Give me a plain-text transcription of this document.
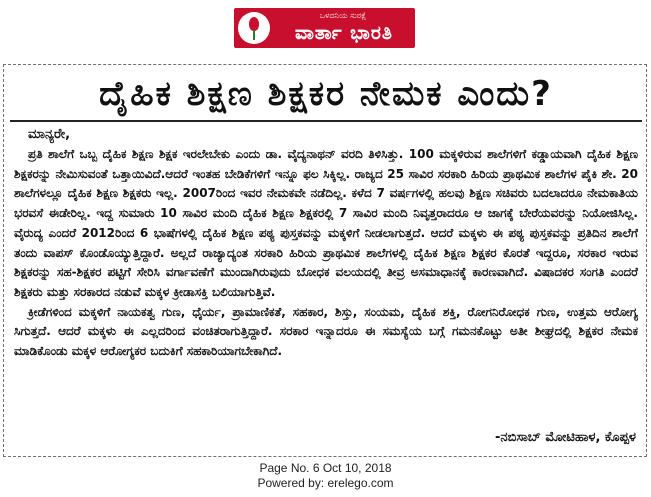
ಒಳದನಿಯ ಸುರಕ್ಷೆ
ವಾರ್ತಾ ಭಾರತಿ
ದೈಹಿಕ ಶಿಕ್ಷಣ ಶಿಕ್ಷಕರ ನೇಮಕ ಎಂದು?
ಮಾನ್ಯರೇ,

ಪ್ರತಿ ಶಾಲೆಗೆ ಒಬ್ಬ ದೈಹಿಕ ಶಿಕ್ಷಣ ಶಿಕ್ಷಕ ಇರಲೇಬೇಕು ಎಂದು ಡಾ. ವೈದ್ಯನಾಥನ್ ವರದಿ ತಿಳಿಸಿತ್ತು. 100 ಮಕ್ಕಳಿರುವ ಶಾಲೆಗಳಿಗೆ ಕಡ್ಡಾಯವಾಗಿ ದೈಹಿಕ ಶಿಕ್ಷಣ ಶಿಕ್ಷಕರನ್ನು ನೇಮಿಸುವಂತೆ ಒತ್ತಾಯಿವಿದೆ.ಆದರೆ ಇಂತಹ ಬೇಡಿಕೆಗಳಿಗೆ ಇನ್ನೂ ಫಲ ಸಿಕ್ಕಿಲ್ಲ. ರಾಜ್ಯದ 25 ಸಾವಿರ ಸರಕಾರಿ ಹಿರಿಯ ಪ್ರಾಥಮಿಕ ಶಾಲೆಗಳ ಪೈಕಿ ಶೇ. 20 ಶಾಲೆಗಳಲ್ಲೂ ದೈಹಿಕ ಶಿಕ್ಷಣ ಶಿಕ್ಷಕರು ಇಲ್ಲ. 2007ರಿಂದ ಇವರ ನೇಮಕವೇ ನಡೆದಿಲ್ಲ. ಕಳೆದ 7 ವರ್ಷಗಳಲ್ಲಿ ಹಲವು ಶಿಕ್ಷಣ ಸಚಿವರು ಬದಲಾದರೂ ನೇಮಕಾತಿಯ ಭರವಸೆ ಈಡೇರಿಲ್ಲ. ಇದ್ದ ಸುಮಾರು 10 ಸಾವಿರ ಮಂದಿ ದೈಹಿಕ ಶಿಕ್ಷಣ ಶಿಕ್ಷಕರಲ್ಲಿ 7 ಸಾವಿರ ಮಂದಿ ನಿವೃತ್ತರಾದರೂ ಆ ಜಾಗಕ್ಕೆ ಬೇರೆಯವರನ್ನು ನಿಯೋಜಿಸಿಲ್ಲ. ವೈರುದ್ಯ ಎಂದರೆ 2012ರಿಂದ 6 ಭಾಷೆಗಳಲ್ಲಿ ದೈಹಿಕ ಶಿಕ್ಷಣ ಪಠ್ಯ ಪುಸ್ತಕವನ್ನು ಮಕ್ಕಳಿಗೆ ನೀಡಲಾಗುತ್ತದೆ. ಆದರೆ ಮಕ್ಕಳು ಈ ಪಠ್ಯ ಪುಸ್ತಕವನ್ನು ಪ್ರತಿದಿನ ಶಾಲೆಗೆ ತಂದು ವಾಪಸ್ ಕೊಂಡೊಯ್ಯುತ್ತಿದ್ದಾರೆ. ಅಲ್ಲದೆ ರಾಜ್ಯಾದ್ಯಂತ ಸರಕಾರಿ ಹಿರಿಯ ಪ್ರಾಥಮಿಕ ಶಾಲೆಗಳಲ್ಲಿ ದೈಹಿಕ ಶಿಕ್ಷಣ ಶಿಕ್ಷಕರ ಕೊರತೆ ಇದ್ದರೂ, ಸರಕಾರ ಇರುವ ಶಿಕ್ಷಕರನ್ನು ಸಹ-ಶಿಕ್ಷಕರ ಪಟ್ಟಿಗೆ ಸೇರಿಸಿ ವರ್ಗಾವಣೆಗೆ ಮುಂದಾಗಿರುವುದು ಬೋಧಕ ವಲಯದಲ್ಲಿ ತೀವ್ರ ಅಸಮಾಧಾನಕ್ಕೆ ಕಾರಣವಾಗಿದೆ. ವಿಷಾದಕರ ಸಂಗತಿ ಎಂದರೆ ಶಿಕ್ಷಕರು ಮತ್ತು ಸರಕಾರದ ನಡುವೆ ಮಕ್ಕಳ ಕ್ರೀಡಾಸಕ್ತಿ ಬಲಿಯಾಗುತ್ತಿವೆ.

ಕ್ರೀಡೆಗಳಿಂದ ಮಕ್ಕಳಿಗೆ ನಾಯಕತ್ವ ಗುಣ, ಧೈರ್ಯ, ಪ್ರಾಮಾಣಿಕತೆ, ಸಹಕಾರ, ಶಿಸ್ತು, ಸಂಯಮ, ದೈಹಿಕ ಶಕ್ತಿ, ರೋಗನಿರೋಧಕ ಗುಣ, ಉತ್ತಮ ಆರೋಗ್ಯ ಸಿಗುತ್ತದೆ. ಆದರೆ ಮಕ್ಕಳು ಈ ಎಲ್ಲದರಿಂದ ವಂಚಿತರಾಗುತ್ತಿದ್ದಾರೆ. ಸರಕಾರ ಇನ್ನಾದರೂ ಈ ಸಮಸ್ಯೆಯ ಬಗ್ಗೆ ಗಮನಕೊಟ್ಟು ಅತೀ ಶೀಘ್ರದಲ್ಲಿ ಶಿಕ್ಷಕರ ನೇಮಕ ಮಾಡಿಕೊಂಡು ಮಕ್ಕಳ ಆರೋಗ್ಯಕರ ಬದುಕಿಗೆ ಸಹಕಾರಿಯಾಗಬೇಕಾಗಿದೆ.

-ನಬಿಸಾಬ್ ಮೋಟಿಹಾಳ, ಕೊಪ್ಪಳ
Page No. 6 Oct 10, 2018
Powered by: erelego.com
